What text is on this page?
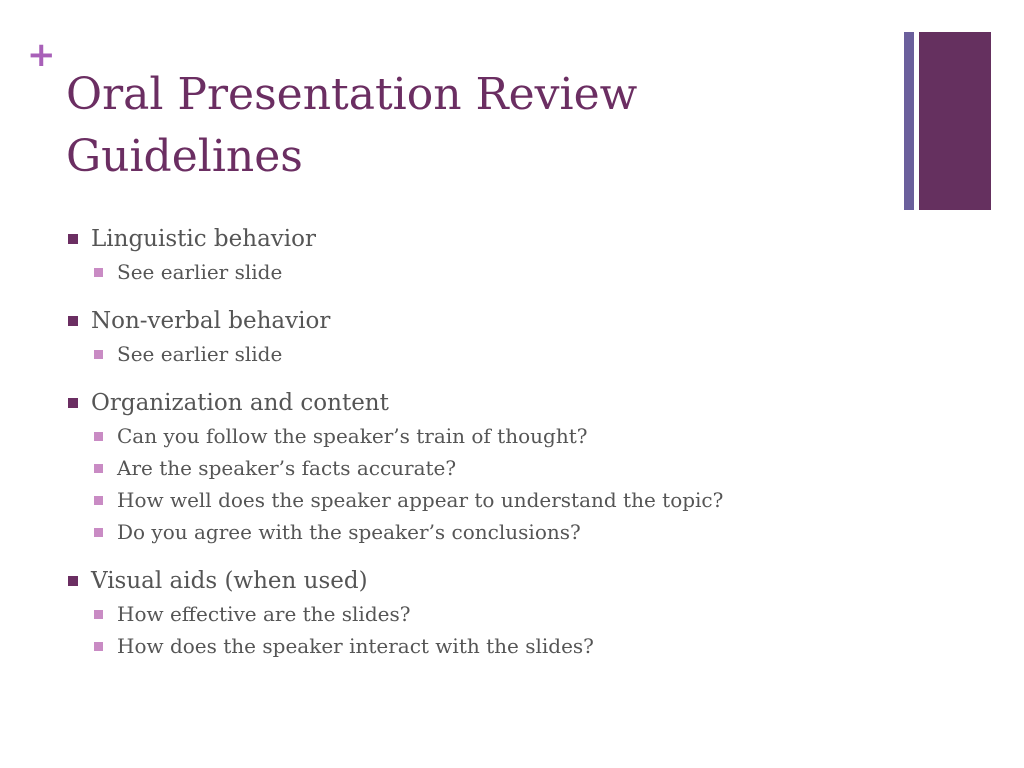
+
Oral Presentation Review
Guidelines
Linguistic behavior
See earlier slide
Non-verbal behavior
See earlier slide
Organization and content
Can you follow the speaker’s train of thought?
Are the speaker’s facts accurate?
How well does the speaker appear to understand the topic?
Do you agree with the speaker’s conclusions?
Visual aids (when used)
How effective are the slides?
How does the speaker interact with the slides?
